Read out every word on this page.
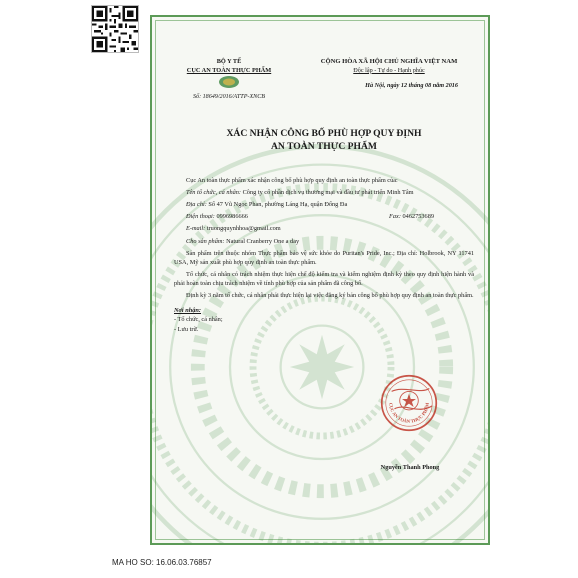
BỘ Y TẾ
CỤC AN TOÀN THỰC PHẨM
Số: 18649/2016/ATTP-XNCB
CỘNG HÒA XÃ HỘI CHỦ NGHĨA VIỆT NAM
Độc lập - Tự do - Hạnh phúc
Hà Nội, ngày 12 tháng 08 năm 2016
XÁC NHẬN CÔNG BỐ PHÙ HỢP QUY ĐỊNH
AN TOÀN THỰC PHẨM

Cục An toàn thực phẩm xác nhận công bố phù hợp quy định an toàn thực phẩm của:

Tên tổ chức, cá nhân: Công ty cổ phần dịch vụ thương mại và đầu tư phát triển Minh Tâm

Địa chỉ: Số 47 Vũ Ngọc Phan, phường Láng Hạ, quận Đống Đa

Điện thoại: 0996986666	Fax: 0462753689

E-mail: truongquynhhoa@gmail.com

Cho sản phẩm: Natural Cranberry One a day

Sản phẩm trên thuộc nhóm Thực phẩm bảo vệ sức khỏe do Puritan's Pride, Inc.; Địa chỉ: Holbrook, NY 11741 USA, Mỹ sản xuất phù hợp quy định an toàn thực phẩm.

Tổ chức, cá nhân có trách nhiệm thực hiện chế độ kiểm tra và kiểm nghiệm định kỳ theo quy định hiện hành và phải hoàn toàn chịu trách nhiệm về tính phù hợp của sản phẩm đã công bố.

Định kỳ 3 năm tổ chức, cá nhân phải thực hiện lại việc đăng ký bản công bố phù hợp quy định an toàn thực phẩm.

Nơi nhận:
- Tổ chức, cá nhân;
- Lưu trữ.
CỤC AN TOÀN THỰC PHẨM
Nguyễn Thanh Phong
MA HO SO: 16.06.03.76857
